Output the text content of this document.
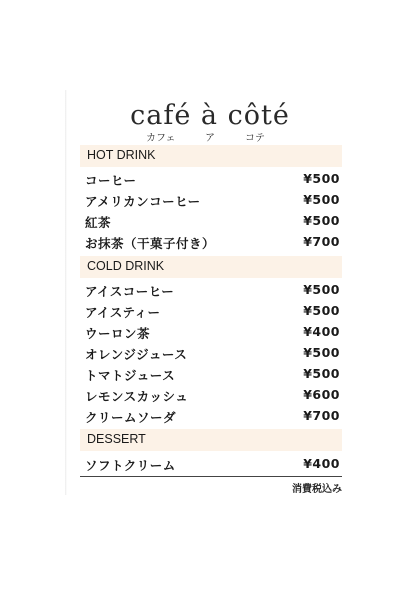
café à côté
カフェ	ア	コテ
HOT DRINK
コーヒー	¥500
アメリカンコーヒー	¥500
紅茶	¥500
お抹茶（干菓子付き）	¥700
COLD DRINK
アイスコーヒー	¥500
アイスティー	¥500
ウーロン茶	¥400
オレンジジュース	¥500
トマトジュース	¥500
レモンスカッシュ	¥600
クリームソーダ	¥700
DESSERT
ソフトクリーム	¥400
消費税込み
